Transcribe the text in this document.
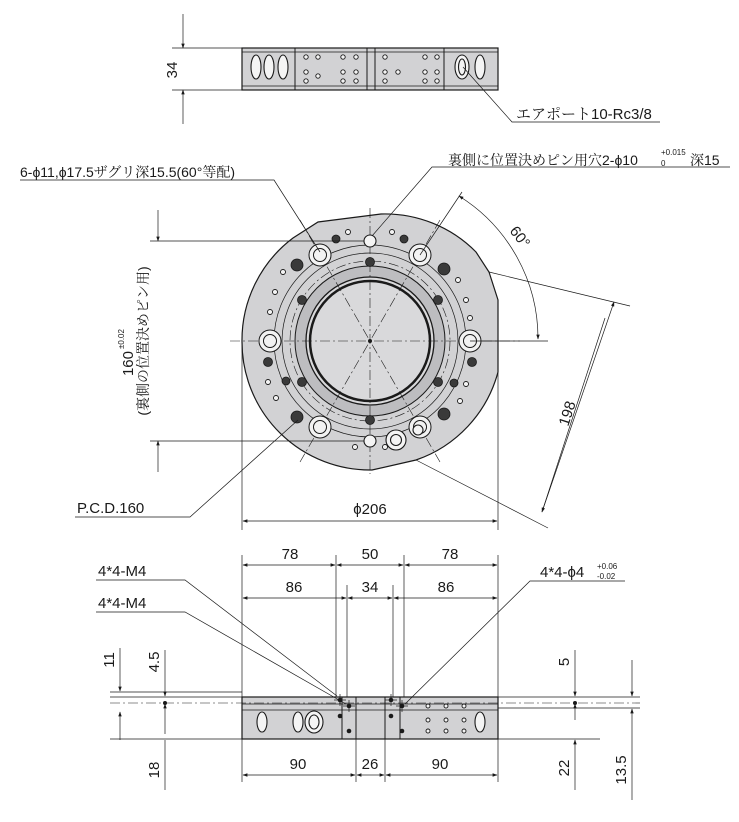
34
エアポート10-Rc3/8
160
±0.02 (裏側の位置決めピン用)
ϕ206
198
60°
6-ϕ11,ϕ17.5ザグリ深15.5(60°等配)
裏側に位置決めピン用穴2-ϕ10	+0.015
0 深15
P.C.D.160
78	50	78
86	34	86
90	26	90
11 4.5
18
5
22	13.5
4*4-M4
4*4-M4
4*4-ϕ4 +0.06
-0.02
